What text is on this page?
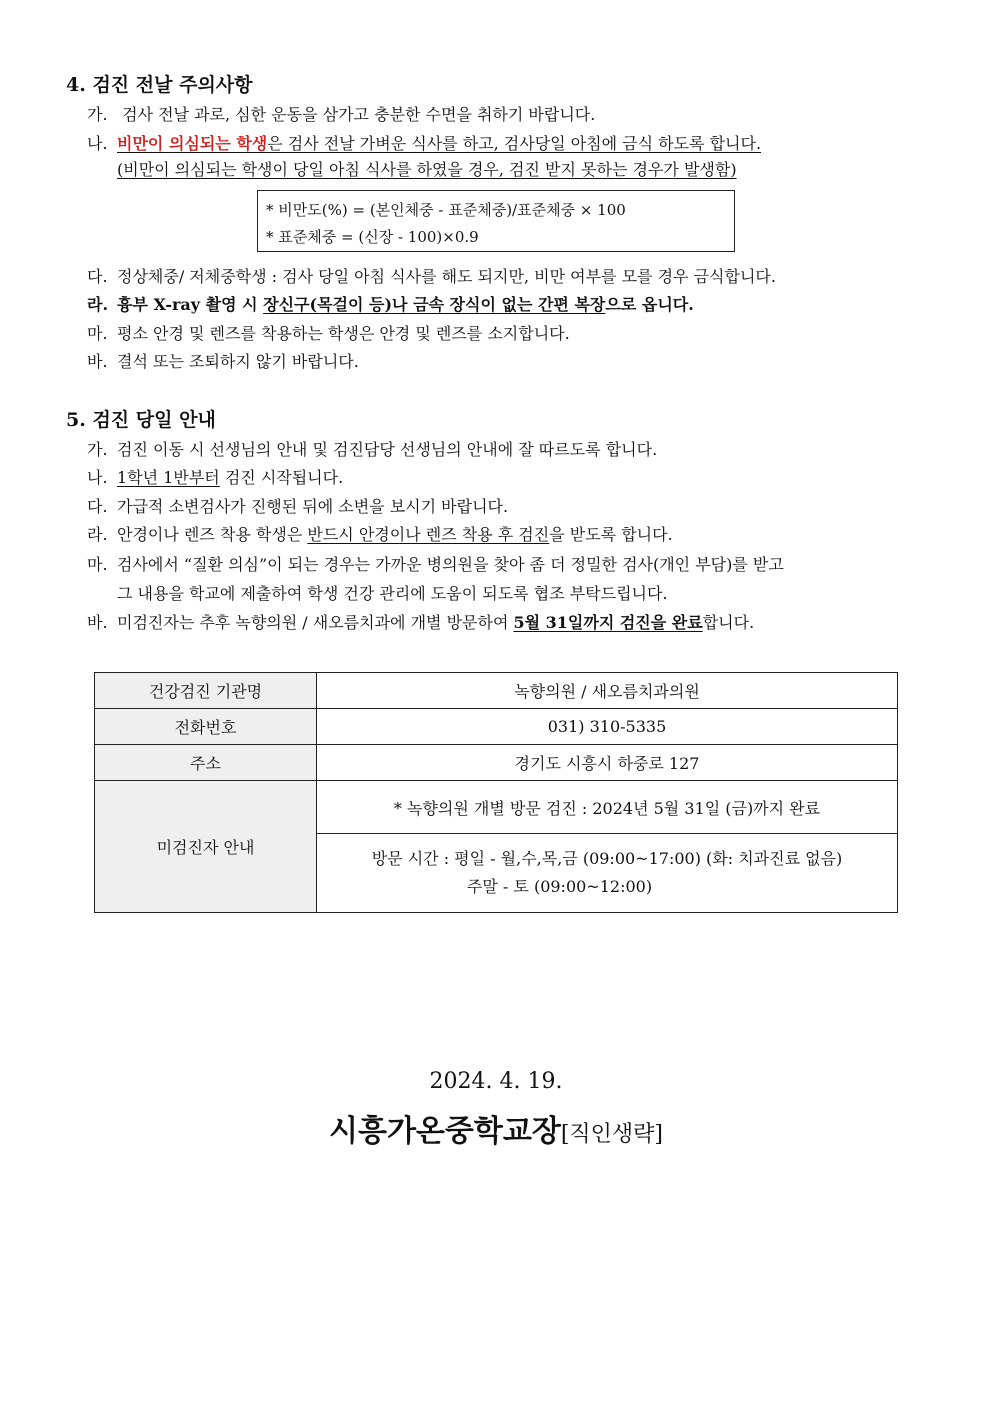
4. 검진 전날 주의사항
가. 검사 전날 과로, 심한 운동을 삼가고 충분한 수면을 취하기 바랍니다.
나. 비만이 의심되는 학생은 검사 전날 가벼운 식사를 하고, 검사당일 아침에 금식 하도록 합니다.
(비만이 의심되는 학생이 당일 아침 식사를 하였을 경우, 검진 받지 못하는 경우가 발생함)
* 비만도(%) = (본인체중 - 표준체중)/표준체중 × 100
* 표준체중 = (신장 - 100)×0.9
다. 정상체중/ 저체중학생 : 검사 당일 아침 식사를 해도 되지만, 비만 여부를 모를 경우 금식합니다.
라. 흉부 X-ray 촬영 시 장신구(목걸이 등)나 금속 장식이 없는 간편 복장으로 옵니다.
마. 평소 안경 및 렌즈를 착용하는 학생은 안경 및 렌즈를 소지합니다.
바. 결석 또는 조퇴하지 않기 바랍니다.
5. 검진 당일 안내
가. 검진 이동 시 선생님의 안내 및 검진담당 선생님의 안내에 잘 따르도록 합니다.
나. 1학년 1반부터 검진 시작됩니다.
다. 가급적 소변검사가 진행된 뒤에 소변을 보시기 바랍니다.
라. 안경이나 렌즈 착용 학생은 반드시 안경이나 렌즈 착용 후 검진을 받도록 합니다.
마. 검사에서 “질환 의심”이 되는 경우는 가까운 병의원을 찾아 좀 더 정밀한 검사(개인 부담)를 받고
그 내용을 학교에 제출하여 학생 건강 관리에 도움이 되도록 협조 부탁드립니다.
바. 미검진자는 추후 녹향의원 / 새오름치과에 개별 방문하여 5월 31일까지 검진을 완료합니다.
건강검진 기관명	녹향의원 / 새오름치과의원
전화번호	031) 310-5335
주소	경기도 시흥시 하중로 127
미검진자 안내	* 녹향의원 개별 방문 검진 : 2024년 5월 31일 (금)까지 완료

	방문 시간 : 평일 - 월,수,목,금 (09:00~17:00) (화: 치과진료 없음)
주말 - 토 (09:00~12:00)
2024. 4. 19.
시흥가온중학교장[직인생략]
